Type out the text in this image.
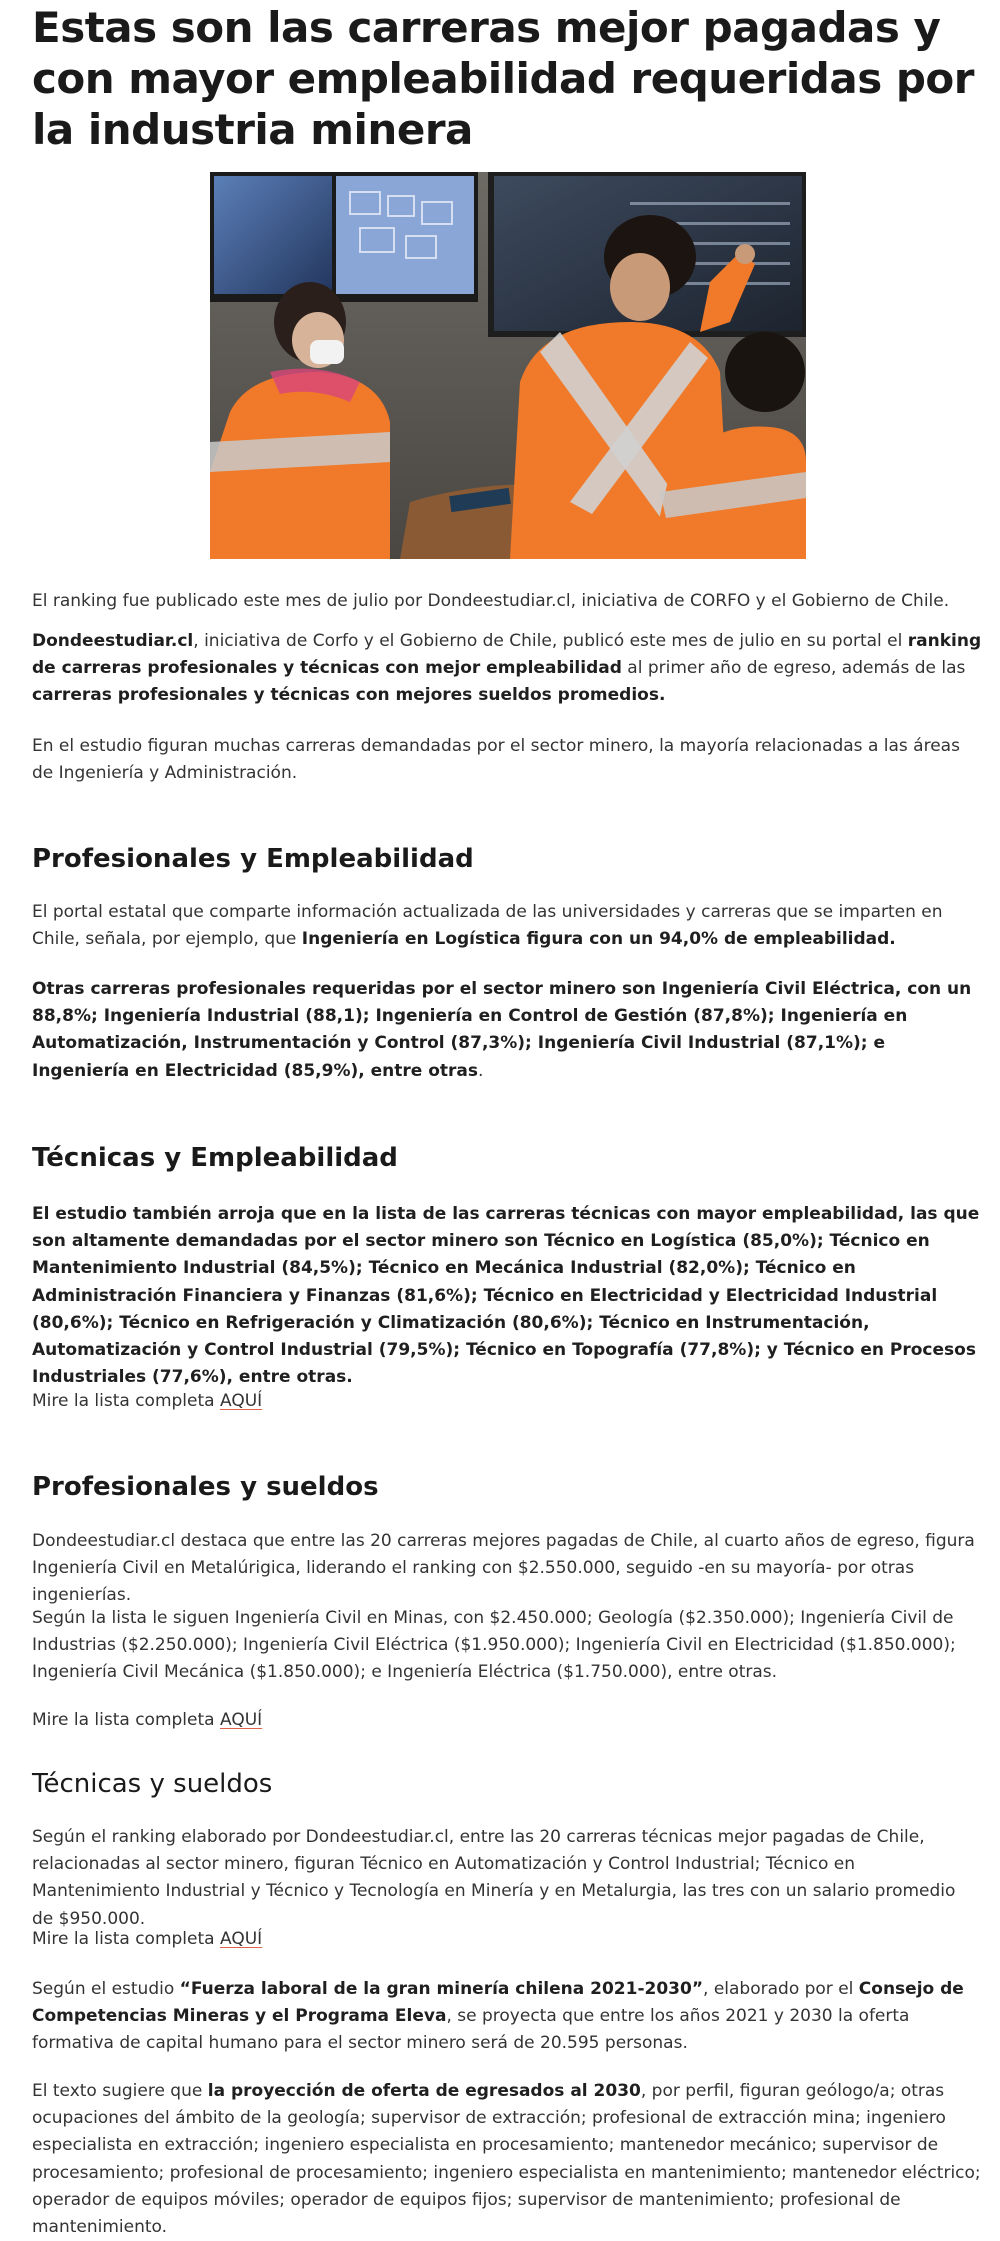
Estas son las carreras mejor pagadas y con mayor empleabilidad requeridas por la industria minera

El ranking fue publicado este mes de julio por Dondeestudiar.cl, iniciativa de CORFO y el Gobierno de Chile.

Dondeestudiar.cl, iniciativa de Corfo y el Gobierno de Chile, publicó este mes de julio en su portal el ranking de carreras profesionales y técnicas con mejor empleabilidad al primer año de egreso, además de las carreras profesionales y técnicas con mejores sueldos promedios.

En el estudio figuran muchas carreras demandadas por el sector minero, la mayoría relacionadas a las áreas de Ingeniería y Administración.

Profesionales y Empleabilidad

El portal estatal que comparte información actualizada de las universidades y carreras que se imparten en Chile, señala, por ejemplo, que Ingeniería en Logística figura con un 94,0% de empleabilidad.

Otras carreras profesionales requeridas por el sector minero son Ingeniería Civil Eléctrica, con un 88,8%; Ingeniería Industrial (88,1); Ingeniería en Control de Gestión (87,8%); Ingeniería en Automatización, Instrumentación y Control (87,3%); Ingeniería Civil Industrial (87,1%); e Ingeniería en Electricidad (85,9%), entre otras.

Técnicas y Empleabilidad

El estudio también arroja que en la lista de las carreras técnicas con mayor empleabilidad, las que son altamente demandadas por el sector minero son Técnico en Logística (85,0%); Técnico en Mantenimiento Industrial (84,5%); Técnico en Mecánica Industrial (82,0%); Técnico en Administración Financiera y Finanzas (81,6%); Técnico en Electricidad y Electricidad Industrial (80,6%); Técnico en Refrigeración y Climatización (80,6%); Técnico en Instrumentación, Automatización y Control Industrial (79,5%); Técnico en Topografía (77,8%); y Técnico en Procesos Industriales (77,6%), entre otras.

Mire la lista completa AQUÍ

Profesionales y sueldos

Dondeestudiar.cl destaca que entre las 20 carreras mejores pagadas de Chile, al cuarto años de egreso, figura Ingeniería Civil en Metalúrigica, liderando el ranking con $2.550.000, seguido -en su mayoría- por otras ingenierías.

Según la lista le siguen Ingeniería Civil en Minas, con $2.450.000; Geología ($2.350.000); Ingeniería Civil de Industrias ($2.250.000); Ingeniería Civil Eléctrica ($1.950.000); Ingeniería Civil en Electricidad ($1.850.000); Ingeniería Civil Mecánica ($1.850.000); e Ingeniería Eléctrica ($1.750.000), entre otras.

Mire la lista completa AQUÍ

Técnicas y sueldos

Según el ranking elaborado por Dondeestudiar.cl, entre las 20 carreras técnicas mejor pagadas de Chile, relacionadas al sector minero, figuran Técnico en Automatización y Control Industrial; Técnico en Mantenimiento Industrial y Técnico y Tecnología en Minería y en Metalurgia, las tres con un salario promedio de $950.000.

Mire la lista completa AQUÍ

Según el estudio “Fuerza laboral de la gran minería chilena 2021-2030”, elaborado por el Consejo de Competencias Mineras y el Programa Eleva, se proyecta que entre los años 2021 y 2030 la oferta formativa de capital humano para el sector minero será de 20.595 personas.

El texto sugiere que la proyección de oferta de egresados al 2030, por perfil, figuran geólogo/a; otras ocupaciones del ámbito de la geología; supervisor de extracción; profesional de extracción mina; ingeniero especialista en extracción; ingeniero especialista en procesamiento; mantenedor mecánico; supervisor de procesamiento; profesional de procesamiento; ingeniero especialista en mantenimiento; mantenedor eléctrico; operador de equipos móviles; operador de equipos fijos; supervisor de mantenimiento; profesional de mantenimiento.
